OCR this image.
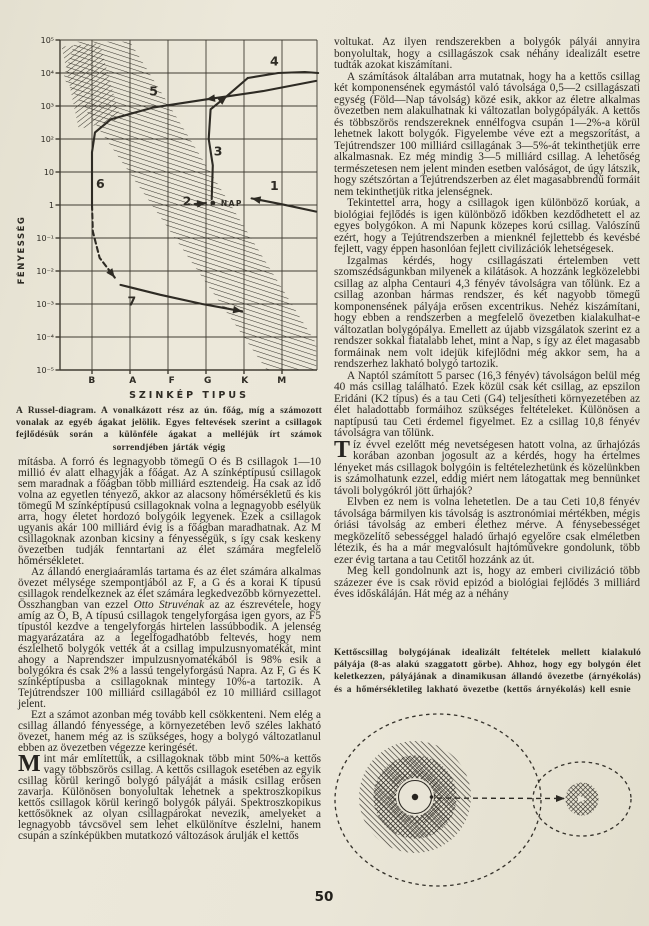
1
2
3
4
5
6
7
NAP
10⁵
10⁴
10³
10²
10
1
10⁻¹
10⁻²
10⁻³
10⁻⁴
10⁻⁵
B	A	F	G	K	M
SZINKÉP TIPUS
FÉNYESSÉG
A Russel-diagram. A vonalkázott rész az ún. főág, míg a számozott vonalak az egyéb ágakat jelölik. Egyes feltevések szerint a csillagok fejlődésük során a különféle ágakat a melléjük írt számok sorrendjében járták végig

mításba. A forró és legnagyobb tömegű O és B csillagok 1—10 millió év alatt elhagyják a főágat. Az A színképtípusú csillagok sem maradnak a főágban több milliárd esztendeig. Ha csak az idő volna az egyetlen tényező, akkor az alacsony hőmérsékletű és kis tömegű M színképtípusú csillagoknak volna a legnagyobb esélyük arra, hogy életet hordozó bolygóik legyenek. Ezek a csillagok ugyanis akár 100 milliárd évig is a főágban maradhatnak. Az M csillagoknak azonban kicsiny a fényességük, s így csak keskeny övezetben tudják fenntartani az élet számára megfelelő hőmérsékletet.

Az állandó energiaáramlás tartama és az élet számára alkalmas övezet mélysége szempontjából az F, a G és a korai K típusú csillagok rendelkeznek az élet számára legkedvezőbb környezettel. Összhangban van ezzel Otto Struvénak az az észrevétele, hogy amíg az O, B, A típusú csillagok tengelyforgása igen gyors, az F5 típustól kezdve a tengelyforgás hirtelen lassúbbodik. A jelenség magyarázatára az a legelfogadhatóbb feltevés, hogy nem észlelhető bolygók vették át a csillag impulzusnyomatékát, mint ahogy a Naprendszer impulzusnyomatékából is 98% esik a bolygókra és csak 2% a lassú tengelyforgású Napra. Az F, G és K színképtípusba a csillagoknak mintegy 10%-a tartozik. A Tejútrendszer 100 milliárd csillagából ez 10 milliárd csillagot jelent.

Ezt a számot azonban még tovább kell csökkenteni. Nem elég a csillag állandó fényessége, a környezetében levő széles lakható övezet, hanem még az is szükséges, hogy a bolygó változatlanul ebben az övezetben végezze keringését.

Mint már említettük, a csillagoknak több mint 50%-a kettős vagy többszörös csillag. A kettős csillagok esetében az egyik csillag körül keringő bolygó pályáját a másik csillag erősen zavarja. Különösen bonyolultak lehetnek a spektroszkopikus kettős csillagok körül keringő bolygók pályái. Spektroszkopikus kettősöknek az olyan csillagpárokat nevezik, amelyeket a legnagyobb távcsövel sem lehet elkülönítve észlelni, hanem csupán a színképükben mutatkozó változások árulják el kettős

voltukat. Az ilyen rendszerekben a bolygók pályái annyira bonyolultak, hogy a csillagászok csak néhány idealizált esetre tudták azokat kiszámítani.

A számítások általában arra mutatnak, hogy ha a kettős csillag két komponensének egymástól való távolsága 0,5—2 csillagászati egység (Föld—Nap távolság) közé esik, akkor az életre alkalmas övezetben nem alakulhatnak ki változatlan bolygópályák. A kettős és többszörös rendszereknek ennélfogva csupán 1—2%-a körül lehetnek lakott bolygók. Figyelembe véve ezt a megszorítást, a Tejútrendszer 100 milliárd csillagának 3—5%-át tekinthetjük erre alkalmasnak. Ez még mindig 3—5 milliárd csillag. A lehetőség természetesen nem jelent minden esetben valóságot, de úgy látszik, hogy szétszórtan a Tejútrendszerben az élet magasabbrendű formáit nem tekinthetjük ritka jelenségnek.

Tekintettel arra, hogy a csillagok igen különböző korúak, a biológiai fejlődés is igen különböző időkben kezdődhetett el az egyes bolygókon. A mi Napunk közepes korú csillag. Valószínű ezért, hogy a Tejútrendszerben a mienknél fejlettebb és kevésbé fejlett, vagy éppen hasonlóan fejlett civilizációk lehetségesek.

Izgalmas kérdés, hogy csillagászati értelemben vett szomszédságunkban milyenek a kilátások. A hozzánk legközelebbi csillag az alpha Centauri 4,3 fényév távolságra van tőlünk. Ez a csillag azonban hármas rendszer, és két nagyobb tömegű komponensének pályája erősen excentrikus. Nehéz kiszámítani, hogy ebben a rendszerben a megfelelő övezetben kialakulhat-e változatlan bolygópálya. Emellett az újabb vizsgálatok szerint ez a rendszer sokkal fiatalabb lehet, mint a Nap, s így az élet magasabb formáinak nem volt idejük kifejlődni még akkor sem, ha a rendszerhez lakható bolygó tartozik.

A Naptól számított 5 parsec (16,3 fényév) távolságon belül még 40 más csillag található. Ezek közül csak két csillag, az epszilon Eridáni (K2 típus) és a tau Ceti (G4) teljesítheti környezetében az élet haladottabb formáihoz szükséges feltételeket. Különösen a naptípusú tau Ceti érdemel figyelmet. Ez a csillag 10,8 fényév távolságra van tőlünk.

Tíz évvel ezelőtt még nevetségesen hatott volna, az űrhajózás korában azonban jogosult az a kérdés, hogy ha értelmes lényeket más csillagok bolygóin is feltételezhetünk és közelünkben is számolhatunk ezzel, eddig miért nem látogattak meg bennünket távoli bolygókról jött űrhajók?

Elvben ez nem is volna lehetetlen. De a tau Ceti 10,8 fényév távolsága bármilyen kis távolság is asztronómiai mértékben, mégis óriási távolság az emberi élethez mérve. A fénysebességet megközelítő sebességgel haladó űrhajó egyelőre csak elméletben létezik, és ha a már megvalósult hajtóművekre gondolunk, több ezer évig tartana a tau Cetitől hozzánk az út.

Meg kell gondolnunk azt is, hogy az emberi civilizáció több százezer éve is csak rövid epizód a biológiai fejlődés 3 milliárd éves időskáláján. Hát még az a néhány

Kettőscsillag bolygójának idealizált feltételek mellett kialakuló pályája (8-as alakú szaggatott görbe). Ahhoz, hogy egy bolygón élet keletkezzen, pályájának a dinamikusan állandó övezetbe (árnyékolás) és a hőmérsékletileg lakható övezetbe (kettős árnyékolás) kell esnie
50
